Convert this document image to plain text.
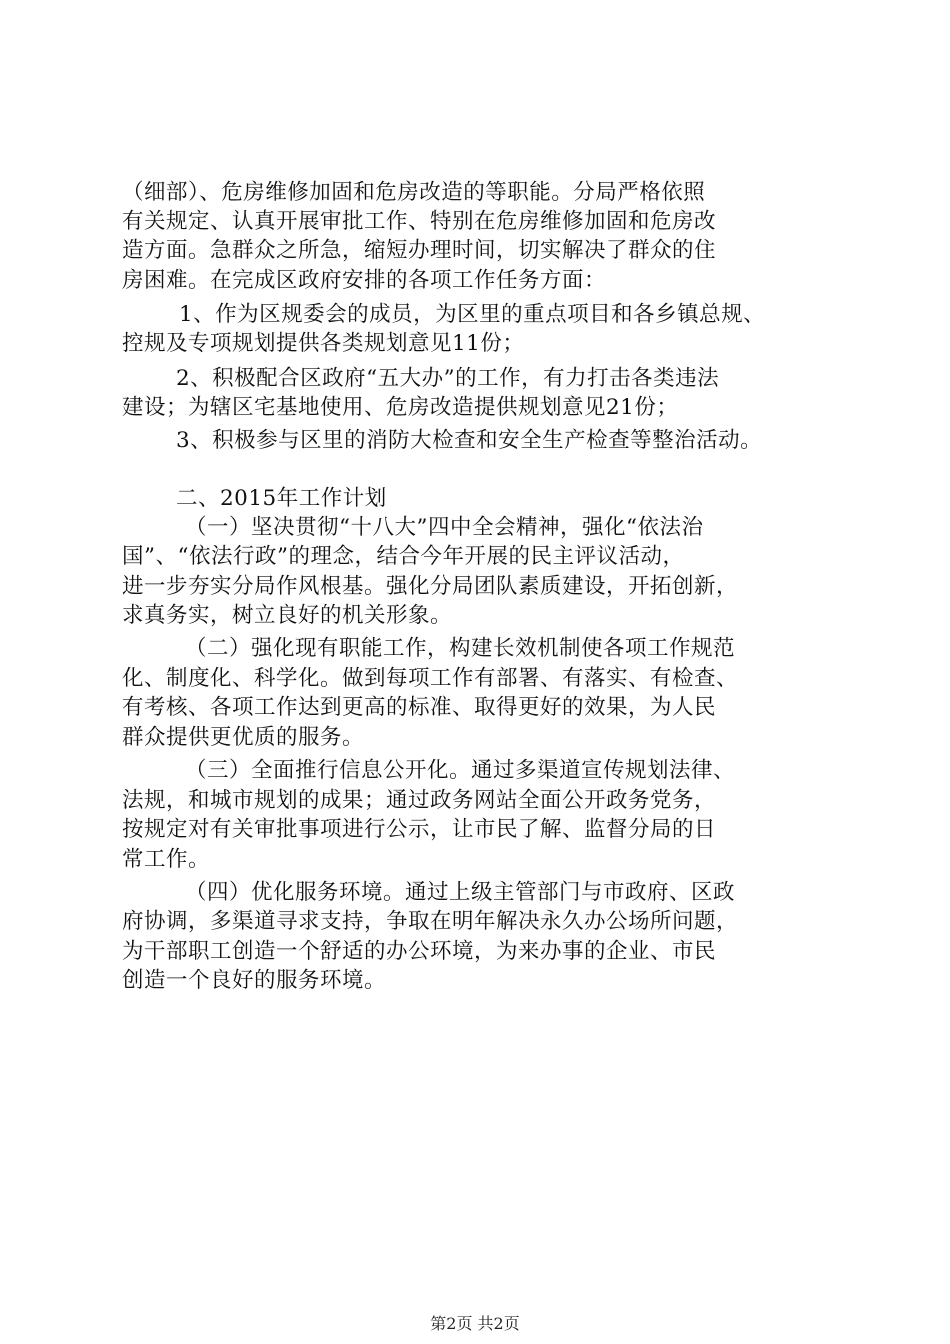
（细部）、危房维修加固和危房改造的等职能。分局严格依照

有关规定、认真开展审批工作、特别在危房维修加固和危房改

造方面。急群众之所急，缩短办理时间，切实解决了群众的住

房困难。在完成区政府安排的各项工作任务方面：

1、作为区规委会的成员，为区里的重点项目和各乡镇总规、

控规及专项规划提供各类规划意见11份；

2、积极配合区政府“五大办”的工作，有力打击各类违法

建设；为辖区宅基地使用、危房改造提供规划意见21份；

3、积极参与区里的消防大检查和安全生产检查等整治活动。

二、2015年工作计划

（一）坚决贯彻“十八大”四中全会精神，强化“依法治

国”、“依法行政”的理念，结合今年开展的民主评议活动，

进一步夯实分局作风根基。强化分局团队素质建设，开拓创新，

求真务实，树立良好的机关形象。

（二）强化现有职能工作，构建长效机制使各项工作规范

化、制度化、科学化。做到每项工作有部署、有落实、有检查、

有考核、各项工作达到更高的标准、取得更好的效果，为人民

群众提供更优质的服务。

（三）全面推行信息公开化。通过多渠道宣传规划法律、

法规，和城市规划的成果；通过政务网站全面公开政务党务，

按规定对有关审批事项进行公示，让市民了解、监督分局的日

常工作。

（四）优化服务环境。通过上级主管部门与市政府、区政

府协调，多渠道寻求支持，争取在明年解决永久办公场所问题，

为干部职工创造一个舒适的办公环境，为来办事的企业、市民

创造一个良好的服务环境。

第2页 共2页
